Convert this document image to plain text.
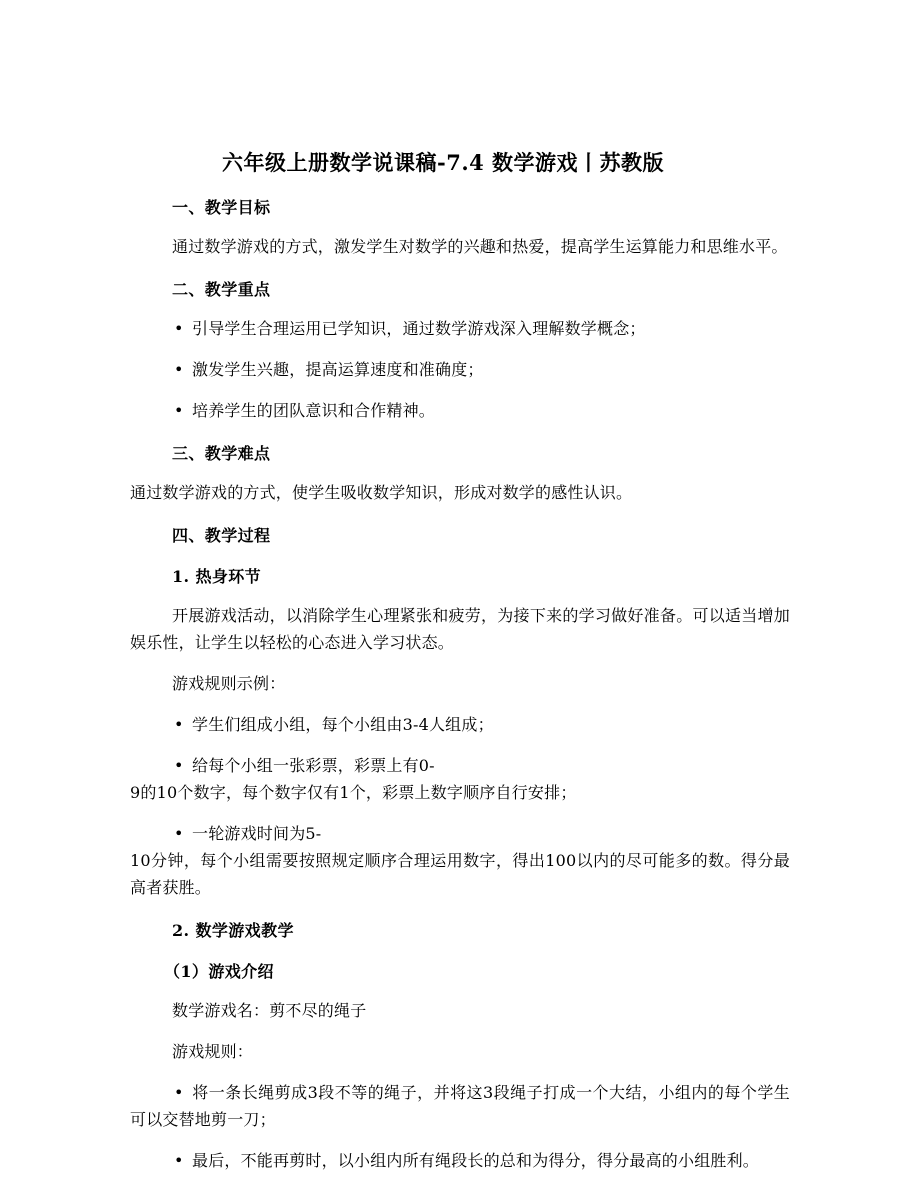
六年级上册数学说课稿-7.4 数学游戏丨苏教版
一、教学目标
通过数学游戏的方式，激发学生对数学的兴趣和热爱，提高学生运算能力和思维水平。
二、教学重点
• 引导学生合理运用已学知识，通过数学游戏深入理解数学概念；
• 激发学生兴趣，提高运算速度和准确度；
• 培养学生的团队意识和合作精神。
三、教学难点
通过数学游戏的方式，使学生吸收数学知识，形成对数学的感性认识。
四、教学过程
1. 热身环节
开展游戏活动，以消除学生心理紧张和疲劳，为接下来的学习做好准备。可以适当增加娱乐性，让学生以轻松的心态进入学习状态。
游戏规则示例：
• 学生们组成小组，每个小组由3-4人组成；
• 给每个小组一张彩票，彩票上有0-
9的10个数字，每个数字仅有1个，彩票上数字顺序自行安排；
• 一轮游戏时间为5-
10分钟，每个小组需要按照规定顺序合理运用数字，得出100以内的尽可能多的数。得分最高者获胜。
2. 数学游戏教学
（1）游戏介绍
数学游戏名：剪不尽的绳子
游戏规则：
• 将一条长绳剪成3段不等的绳子，并将这3段绳子打成一个大结，小组内的每个学生可以交替地剪一刀；
• 最后，不能再剪时，以小组内所有绳段长的总和为得分，得分最高的小组胜利。
